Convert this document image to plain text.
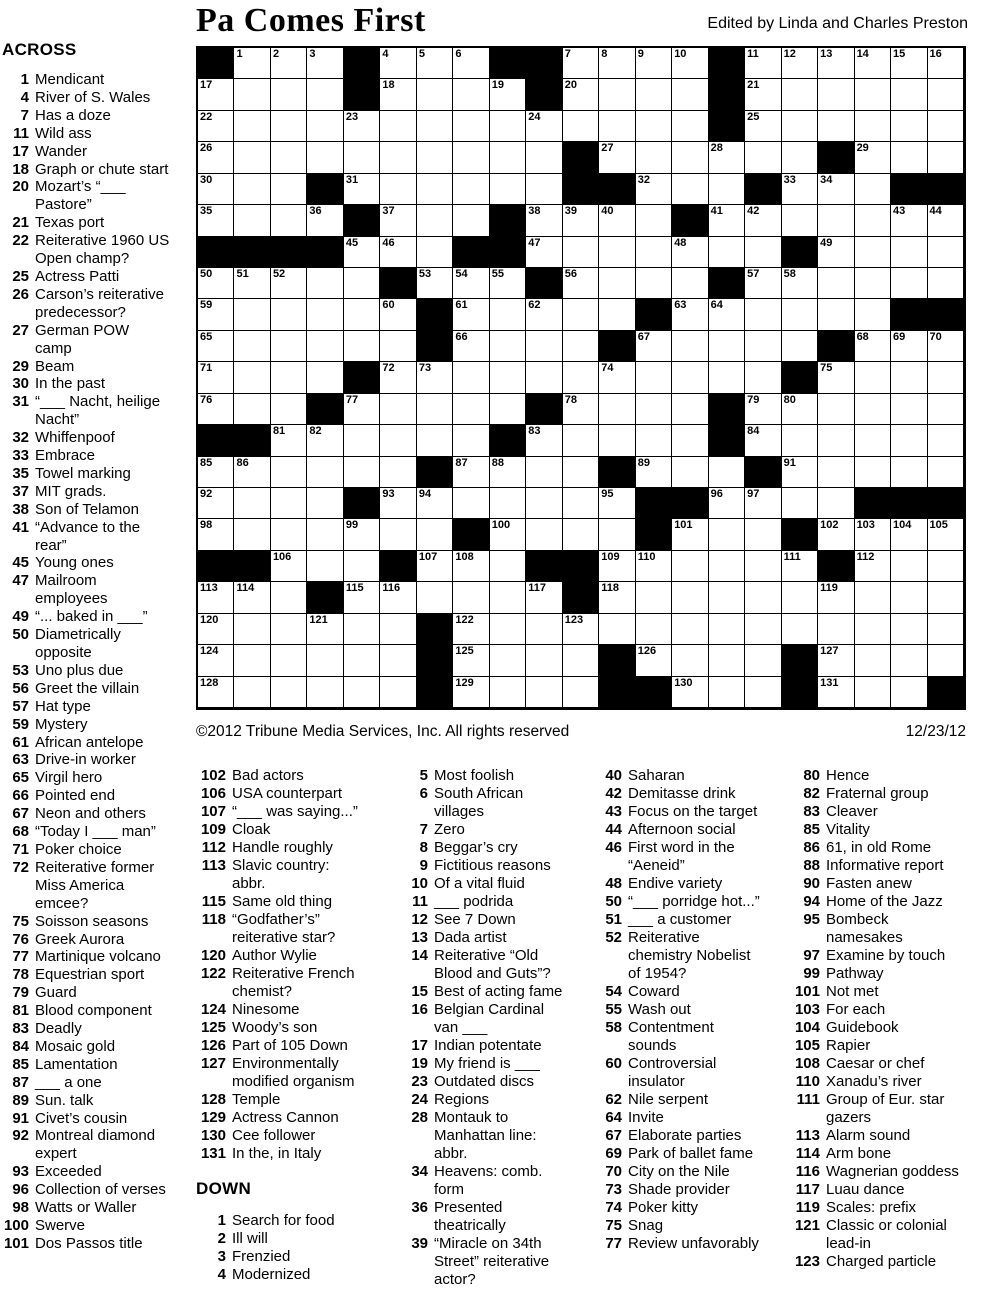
Pa Comes First	Edited by Linda and Charles Preston
ACROSS
1 Mendicant
4 River of S. Wales
7 Has a doze
11 Wild ass
17 Wander
18 Graph or chute start
20 Mozart’s “___ Pastore”
21 Texas port
22 Reiterative 1960 US Open champ?
25 Actress Patti
26 Carson’s reiterative predecessor?
27 German POW camp
29 Beam
30 In the past
31 “___ Nacht, heilige Nacht”
32 Whiffenpoof
33 Embrace
35 Towel marking
37 MIT grads.
38 Son of Telamon
41 “Advance to the rear”
45 Young ones
47 Mailroom employees
49 “... baked in ___”
50 Diametrically opposite
53 Uno plus due
56 Greet the villain
57 Hat type
59 Mystery
61 African antelope
63 Drive-in worker
65 Virgil hero
66 Pointed end
67 Neon and others
68 “Today I ___ man”
71 Poker choice
72 Reiterative former Miss America emcee?
75 Soisson seasons
76 Greek Aurora
77 Martinique volcano
78 Equestrian sport
79 Guard
81 Blood component
83 Deadly
84 Mosaic gold
85 Lamentation
87 ___ a one
89 Sun. talk
91 Civet’s cousin
92 Montreal diamond expert
93 Exceeded
96 Collection of verses
98 Watts or Waller
100 Swerve
101 Dos Passos title
1	2	3	4	5	6	7	8	9	10	11 12 13 14 15 16
17	18	19	20	21
22	23	24	25
26	27	28	29
30	31	32	33 34
35	36	37	38 39 40	41 42	43 44
45 46	47	48	49
50 51 52	53 54 55	56	57 58
59	60	61	62	63 64
65	66	67	68 69 70
71	72 73	74	75
76	77	78	79 80
81 82	83	84
85 86	87 88	89	91
92	93 94	95	96 97
98	99	100	101	102 103 104 105
106	107 108	109 110	111	112
113 114	115 116	117	118	119
120	121	122	123
124	125	126	127
128	129	130	131
©2012 Tribune Media Services, Inc. All rights reserved	12/23/12
102 Bad actors
106 USA counterpart
107 “___ was saying...”
109 Cloak
112 Handle roughly
113 Slavic country: abbr.
115 Same old thing
118 “Godfather’s” reiterative star?
120 Author Wylie
122 Reiterative French chemist?
124 Ninesome
125 Woody’s son
126 Part of 105 Down
127 Environmentally modified organism
128 Temple
129 Actress Cannon
130 Cee follower
131 In the, in Italy
DOWN
1 Search for food
2 Ill will
3 Frenzied
4 Modernized
5 Most foolish
6 South African villages
7 Zero
8 Beggar’s cry
9 Fictitious reasons
10 Of a vital fluid
11 ___ podrida
12 See 7 Down
13 Dada artist
14 Reiterative “Old Blood and Guts”?
15 Best of acting fame
16 Belgian Cardinal van ___
17 Indian potentate
19 My friend is ___
23 Outdated discs
24 Regions
28 Montauk to Manhattan line: abbr.
34 Heavens: comb. form
36 Presented theatrically
39 “Miracle on 34th Street” reiterative actor?
40 Saharan
42 Demitasse drink
43 Focus on the target
44 Afternoon social
46 First word in the “Aeneid”
48 Endive variety
50 “___ porridge hot...”
51 ___ a customer
52 Reiterative chemistry Nobelist of 1954?
54 Coward
55 Wash out
58 Contentment sounds
60 Controversial insulator
62 Nile serpent
64 Invite
67 Elaborate parties
69 Park of ballet fame
70 City on the Nile
73 Shade provider
74 Poker kitty
75 Snag
77 Review unfavorably
80 Hence
82 Fraternal group
83 Cleaver
85 Vitality
86 61, in old Rome
88 Informative report
90 Fasten anew
94 Home of the Jazz
95 Bombeck namesakes
97 Examine by touch
99 Pathway
101 Not met
103 For each
104 Guidebook
105 Rapier
108 Caesar or chef
110 Xanadu’s river
111 Group of Eur. star gazers
113 Alarm sound
114 Arm bone
116 Wagnerian goddess
117 Luau dance
119 Scales: prefix
121 Classic or colonial lead-in
123 Charged particle
